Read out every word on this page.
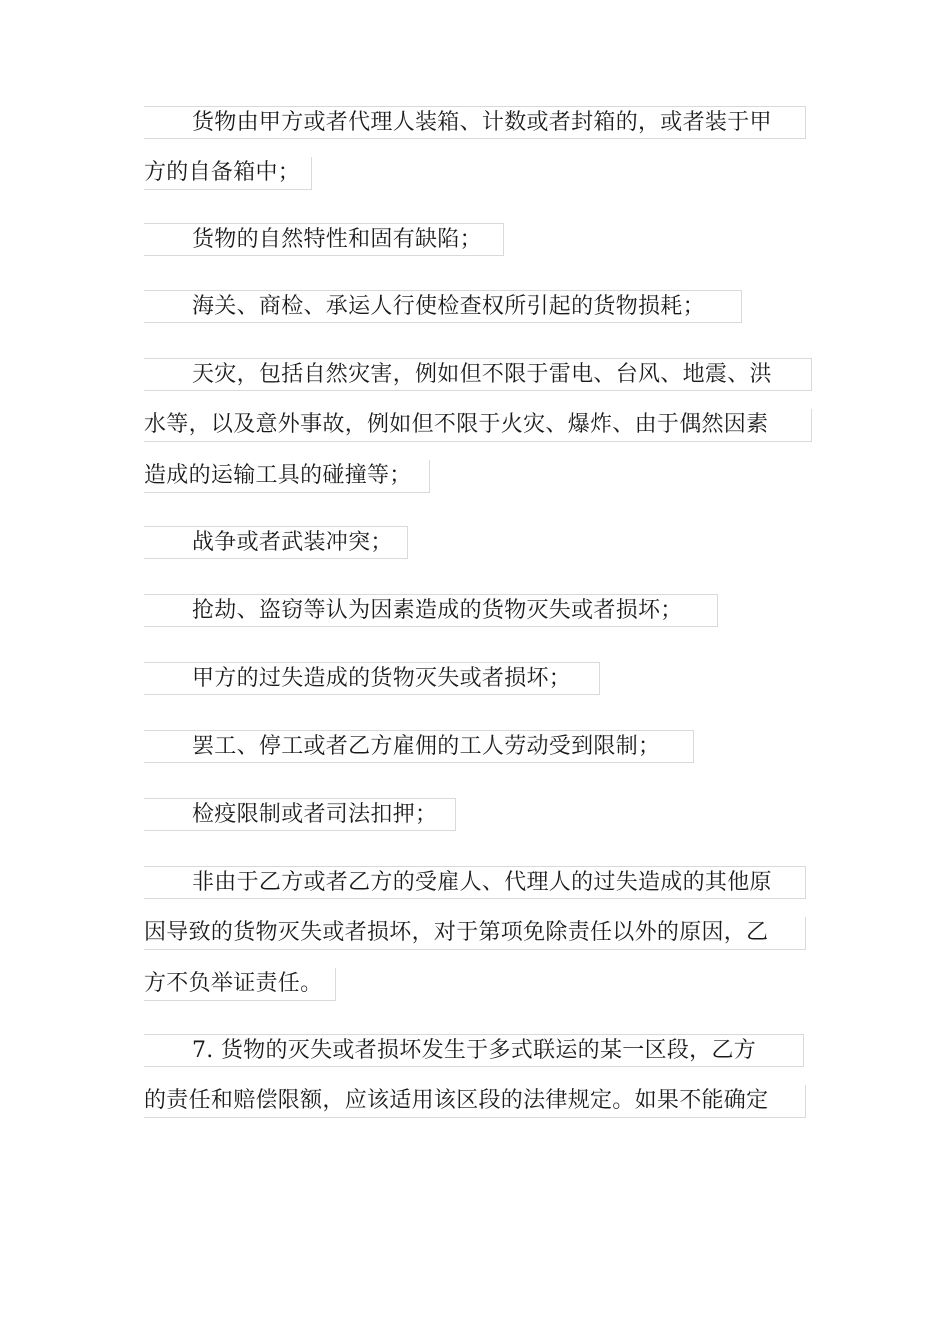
货物由甲方或者代理人装箱、计数或者封箱的，或者装于甲
方的自备箱中；
货物的自然特性和固有缺陷；
海关、商检、承运人行使检查权所引起的货物损耗；
天灾，包括自然灾害，例如但不限于雷电、台风、地震、洪
水等，以及意外事故，例如但不限于火灾、爆炸、由于偶然因素
造成的运输工具的碰撞等；
战争或者武装冲突；
抢劫、盗窃等认为因素造成的货物灭失或者损坏；
甲方的过失造成的货物灭失或者损坏；
罢工、停工或者乙方雇佣的工人劳动受到限制；
检疫限制或者司法扣押；
非由于乙方或者乙方的受雇人、代理人的过失造成的其他原
因导致的货物灭失或者损坏，对于第项免除责任以外的原因，乙
方不负举证责任。
7. 货物的灭失或者损坏发生于多式联运的某一区段，乙方
的责任和赔偿限额，应该适用该区段的法律规定。如果不能确定
